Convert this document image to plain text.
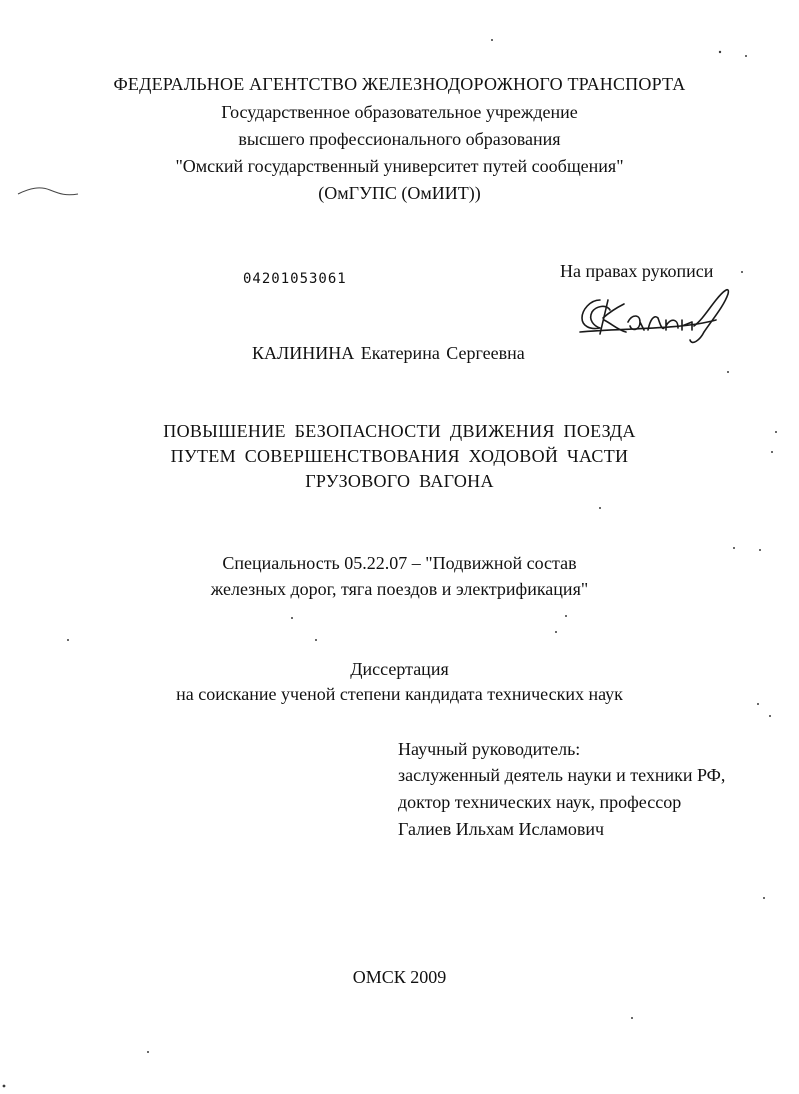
ФЕДЕРАЛЬНОЕ АГЕНТСТВО ЖЕЛЕЗНОДОРОЖНОГО ТРАНСПОРТА
Государственное образовательное учреждение
высшего профессионального образования
"Омский государственный университет путей сообщения"
(ОмГУПС (ОмИИТ))
04201053061	На правах рукописи
КАЛИНИНА Екатерина Сергеевна
ПОВЫШЕНИЕ БЕЗОПАСНОСТИ ДВИЖЕНИЯ ПОЕЗДА
ПУТЕМ СОВЕРШЕНСТВОВАНИЯ ХОДОВОЙ ЧАСТИ
ГРУЗОВОГО ВАГОНА
Специальность 05.22.07 – "Подвижной состав
железных дорог, тяга поездов и электрификация"
Диссертация
на соискание ученой степени кандидата технических наук
Научный руководитель:
заслуженный деятель науки и техники РФ,
доктор технических наук, профессор
Галиев Ильхам Исламович
ОМСК 2009
